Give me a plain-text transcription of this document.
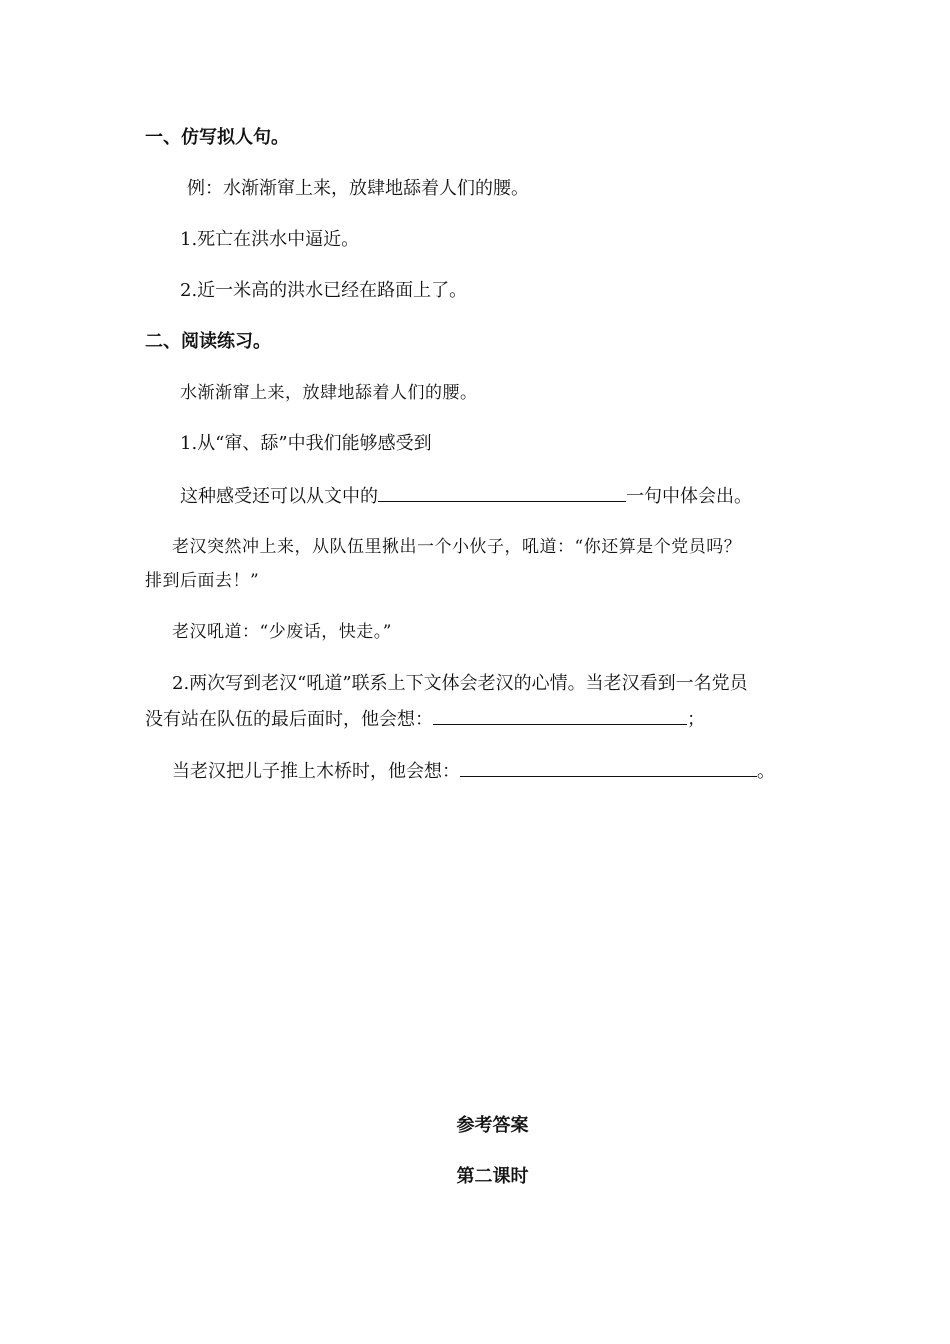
一、仿写拟人句。
例：水渐渐窜上来，放肆地舔着人们的腰。
1.死亡在洪水中逼近。
2.近一米高的洪水已经在路面上了。
二、阅读练习。
水渐渐窜上来，放肆地舔着人们的腰。
1.从“窜、舔”中我们能够感受到
这种感受还可以从文中的	一句中体会出。
老汉突然冲上来，从队伍里揪出一个小伙子，吼道：“你还算是个党员吗？
排到后面去！”
老汉吼道：“少废话，快走。”
2.两次写到老汉“吼道”联系上下文体会老汉的心情。当老汉看到一名党员
没有站在队伍的最后面时，他会想：	；
当老汉把儿子推上木桥时，他会想：	。
参考答案
第二课时
